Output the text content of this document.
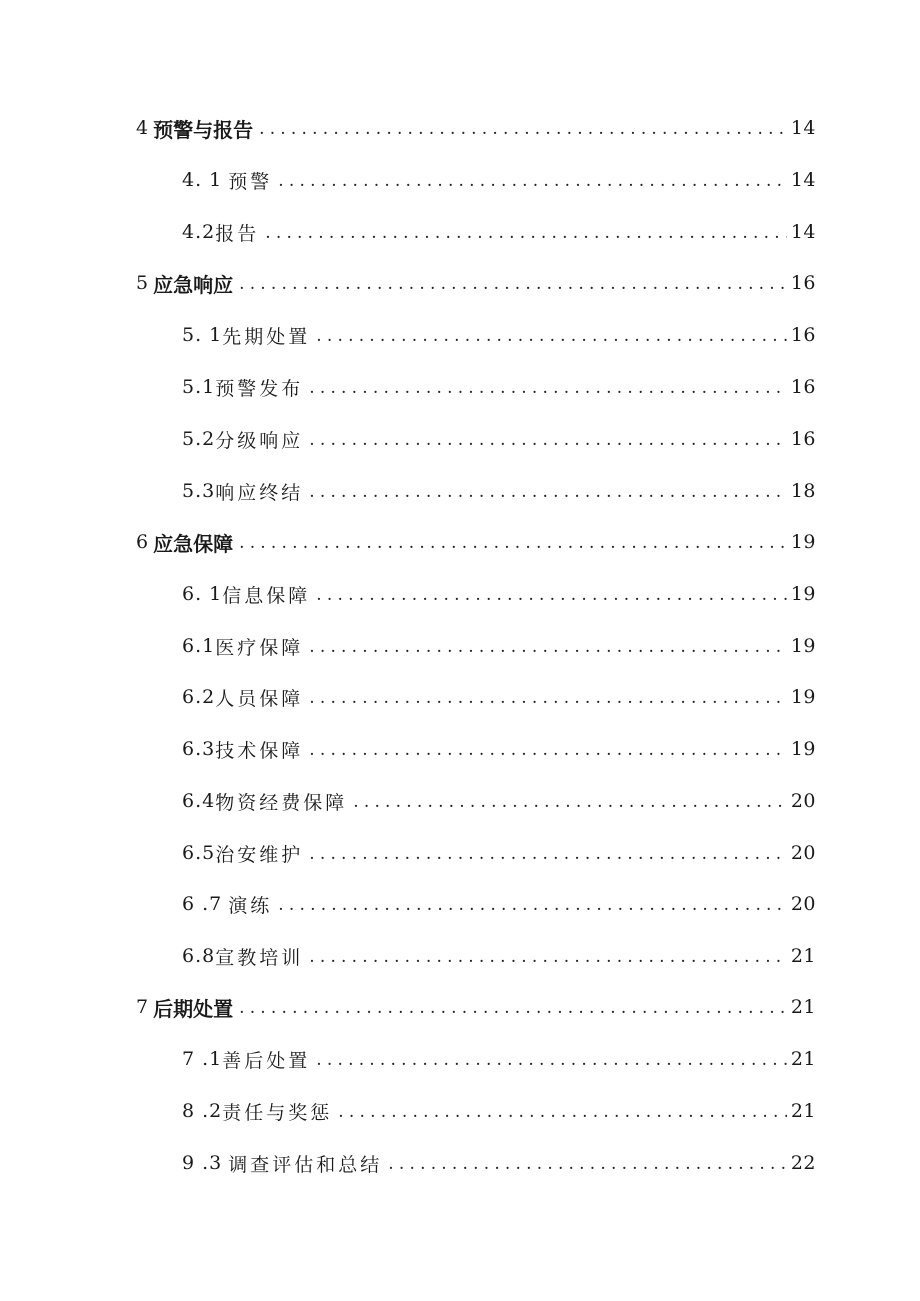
4 预警与报告 .....	14
4. 1 预警 .....	14
4.2 报告 .....	14
5 应急响应 .....	16
5. 1 先期处置 .....	16
5.1 预警发布 .....	16
5.2 分级响应 .....	16
5.3 响应终结 .....	18
6 应急保障 .....	19
6. 1 信息保障 .....	19
6.1 医疗保障 .....	19
6.2 人员保障 .....	19
6.3 技术保障 .....	19
6.4 物资经费保障 .....	20
6.5 治安维护 .....	20
6 .7 演练 .....	20
6.8 宣教培训 .....	21
7 后期处置 .....	21
7 .1 善后处置 .....	21
8 .2 责任与奖惩 .....	21
9 .3 调查评估和总结 .....	22
